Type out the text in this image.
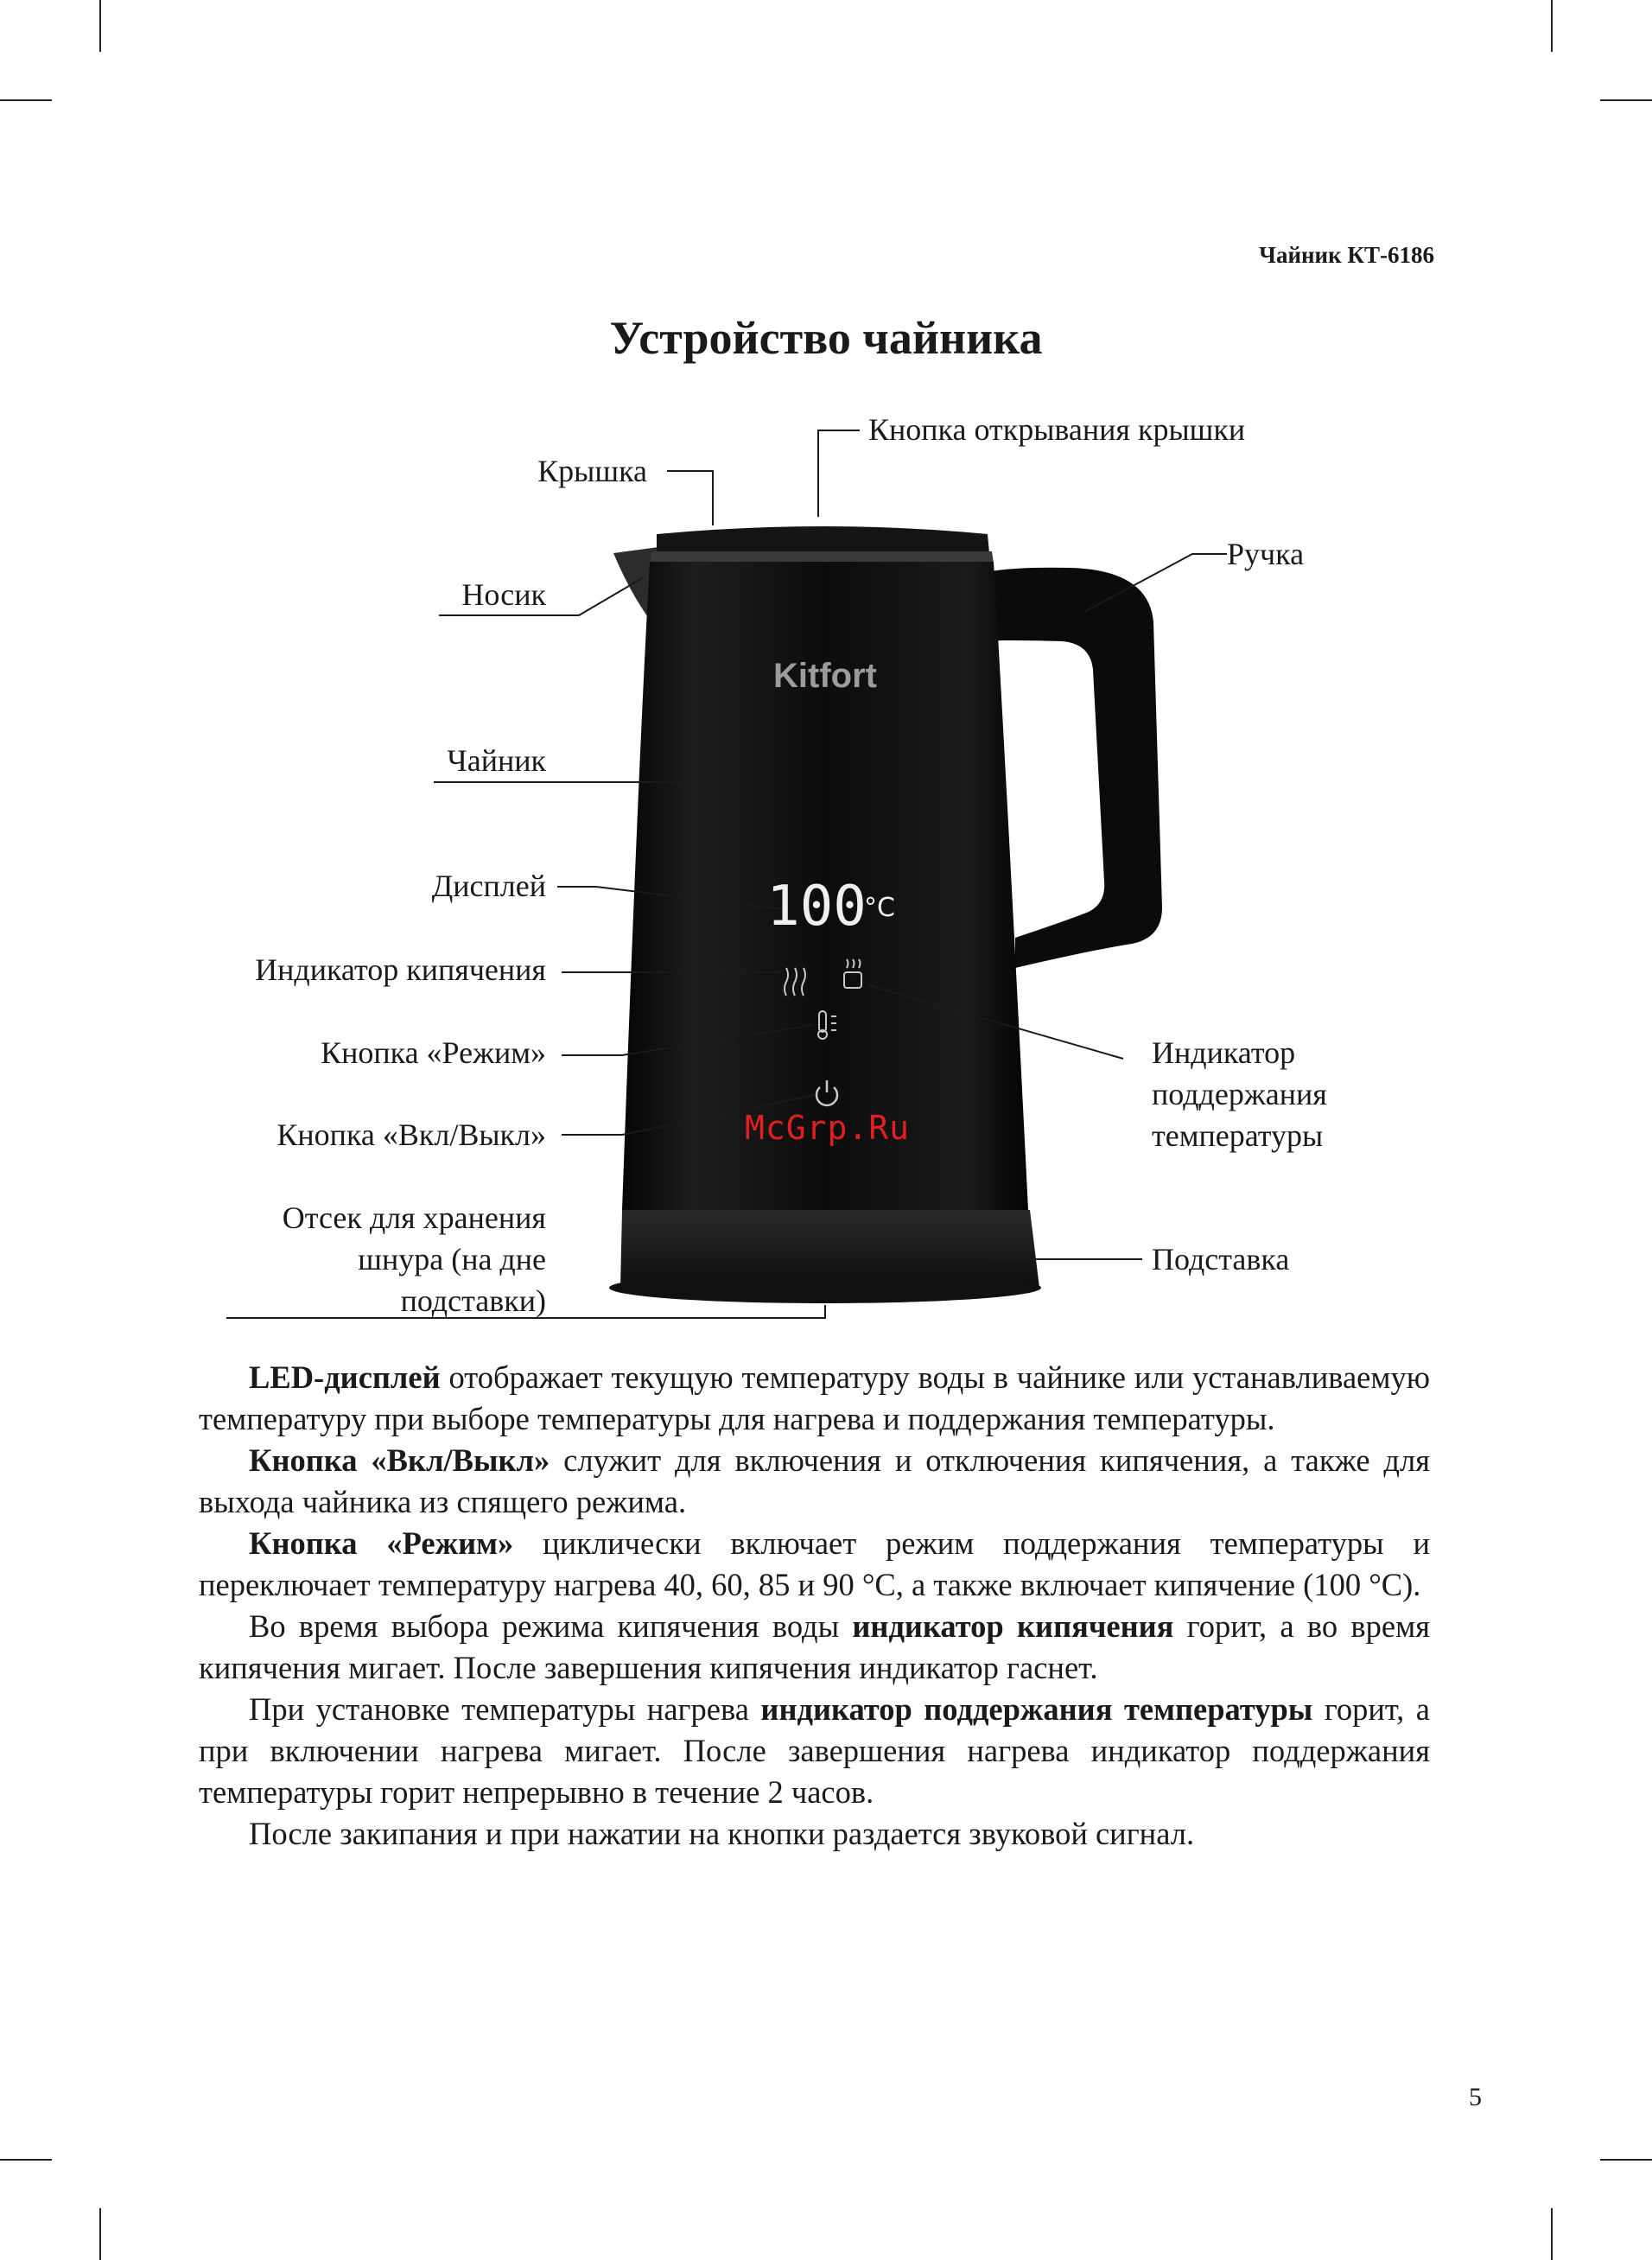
Чайник КТ-6186
Устройство чайника
Kitfort
100
°C
Кнопка открывания крышки
Крышка
Ручка
Носик
Чайник
Дисплей
Индикатор кипячения
Кнопка «Режим»
Кнопка «Вкл/Выкл»
Индикатор
поддержания
температуры
Отсек для хранения
шнура (на дне
подставки)
Подставка
McGrp.Ru

LED-дисплей отображает текущую температуру воды в чайнике или устанавливаемую температуру при выборе температуры для нагрева и поддержания температуры.

Кнопка «Вкл/Выкл» служит для включения и отключения кипячения, а также для выхода чайника из спящего режима.

Кнопка «Режим» циклически включает режим поддержания температуры и переключает температуру нагрева 40, 60, 85 и 90 °C, а также включает кипячение (100 °C).

Во время выбора режима кипячения воды индикатор кипячения горит, а во время кипячения мигает. После завершения кипячения индикатор гаснет.

При установке температуры нагрева индикатор поддержания температуры горит, а при включении нагрева мигает. После завершения нагрева индикатор поддержания температуры горит непрерывно в течение 2 часов.

После закипания и при нажатии на кнопки раздается звуковой сигнал.

5
